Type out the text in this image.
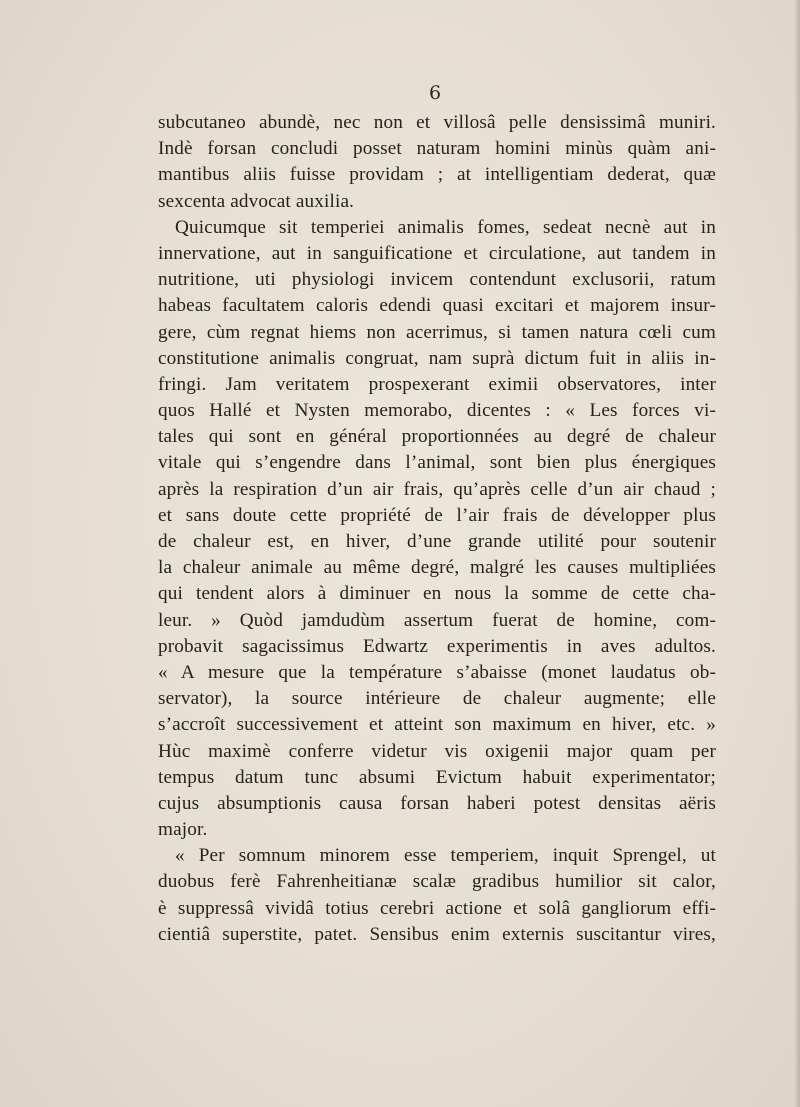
6
subcutaneo abundè, nec non et villosâ pelle densissimâ muniri.
Indè forsan concludi posset naturam homini minùs quàm ani-
mantibus aliis fuisse providam ; at intelligentiam dederat, quæ
sexcenta advocat auxilia.
Quicumque sit temperiei animalis fomes, sedeat necnè aut in
innervatione, aut in sanguificatione et circulatione, aut tandem in
nutritione, uti physiologi invicem contendunt exclusorii, ratum
habeas facultatem caloris edendi quasi excitari et majorem insur-
gere, cùm regnat hiems non acerrimus, si tamen natura cœli cum
constitutione animalis congruat, nam suprà dictum fuit in aliis in-
fringi. Jam veritatem prospexerant eximii observatores, inter
quos Hallé et Nysten memorabo, dicentes : « Les forces vi-
tales qui sont en général proportionnées au degré de chaleur
vitale qui s’engendre dans l’animal, sont bien plus énergiques
après la respiration d’un air frais, qu’après celle d’un air chaud ;
et sans doute cette propriété de l’air frais de développer plus
de chaleur est, en hiver, d’une grande utilité pour soutenir
la chaleur animale au même degré, malgré les causes multipliées
qui tendent alors à diminuer en nous la somme de cette cha-
leur. » Quòd jamdudùm assertum fuerat de homine, com-
probavit sagacissimus Edwartz experimentis in aves adultos.
« A mesure que la température s’abaisse (monet laudatus ob-
servator), la source intérieure de chaleur augmente; elle
s’accroît successivement et atteint son maximum en hiver, etc. »
Hùc maximè conferre videtur vis oxigenii major quam per
tempus datum tunc absumi Evictum habuit experimentator;
cujus absumptionis causa forsan haberi potest densitas aëris
major.
« Per somnum minorem esse temperiem, inquit Sprengel, ut
duobus ferè Fahrenheitianæ scalæ gradibus humilior sit calor,
è suppressâ vividâ totius cerebri actione et solâ gangliorum effi-
cientiâ superstite, patet. Sensibus enim externis suscitantur vires,
